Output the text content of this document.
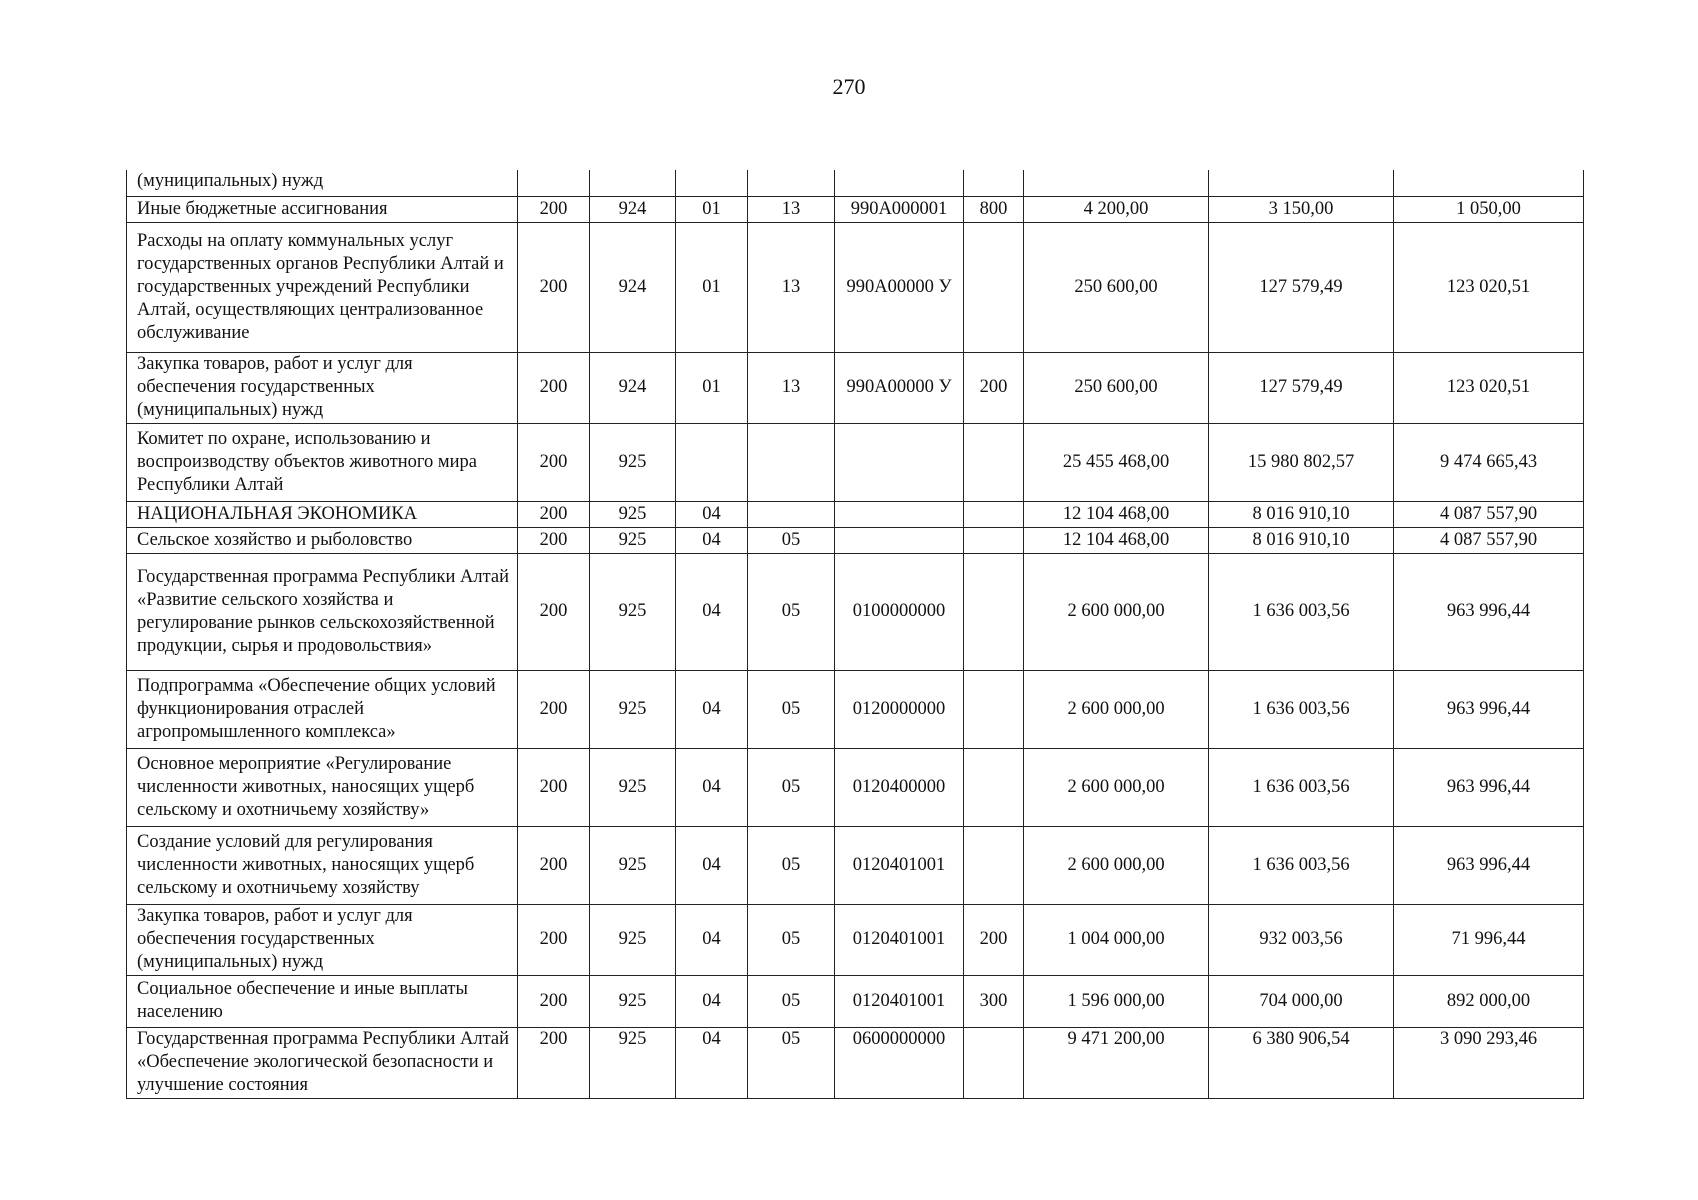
270
(муниципальных) нужд									
Иные бюджетные ассигнования	200	924	01	13	990А000001	800	4 200,00	3 150,00	1 050,00
Расходы на оплату коммунальных услуг государственных органов Республики Алтай и государственных учреждений Республики Алтай, осуществляющих централизованное обслуживание	200	924	01	13	990А00000 У		250 600,00	127 579,49	123 020,51
Закупка товаров, работ и услуг для обеспечения государственных (муниципальных) нужд	200	924	01	13	990А00000 У	200	250 600,00	127 579,49	123 020,51
Комитет по охране, использованию и воспроизводству объектов животного мира Республики Алтай	200	925					25 455 468,00	15 980 802,57	9 474 665,43
НАЦИОНАЛЬНАЯ ЭКОНОМИКА	200	925	04				12 104 468,00	8 016 910,10	4 087 557,90
Сельское хозяйство и рыболовство	200	925	04	05			12 104 468,00	8 016 910,10	4 087 557,90
Государственная программа Республики Алтай «Развитие сельского хозяйства и регулирование рынков сельскохозяйственной продукции, сырья и продовольствия»	200	925	04	05	0100000000		2 600 000,00	1 636 003,56	963 996,44
Подпрограмма «Обеспечение общих условий функционирования отраслей агропромышленного комплекса»	200	925	04	05	0120000000		2 600 000,00	1 636 003,56	963 996,44
Основное мероприятие «Регулирование численности животных, наносящих ущерб сельскому и охотничьему хозяйству»	200	925	04	05	0120400000		2 600 000,00	1 636 003,56	963 996,44
Создание условий для регулирования численности животных, наносящих ущерб сельскому и охотничьему хозяйству	200	925	04	05	0120401001		2 600 000,00	1 636 003,56	963 996,44
Закупка товаров, работ и услуг для обеспечения государственных (муниципальных) нужд	200	925	04	05	0120401001	200	1 004 000,00	932 003,56	71 996,44
Социальное обеспечение и иные выплаты населению	200	925	04	05	0120401001	300	1 596 000,00	704 000,00	892 000,00
Государственная программа Республики Алтай «Обеспечение экологической безопасности и улучшение состояния	200	925	04	05	0600000000		9 471 200,00	6 380 906,54	3 090 293,46
